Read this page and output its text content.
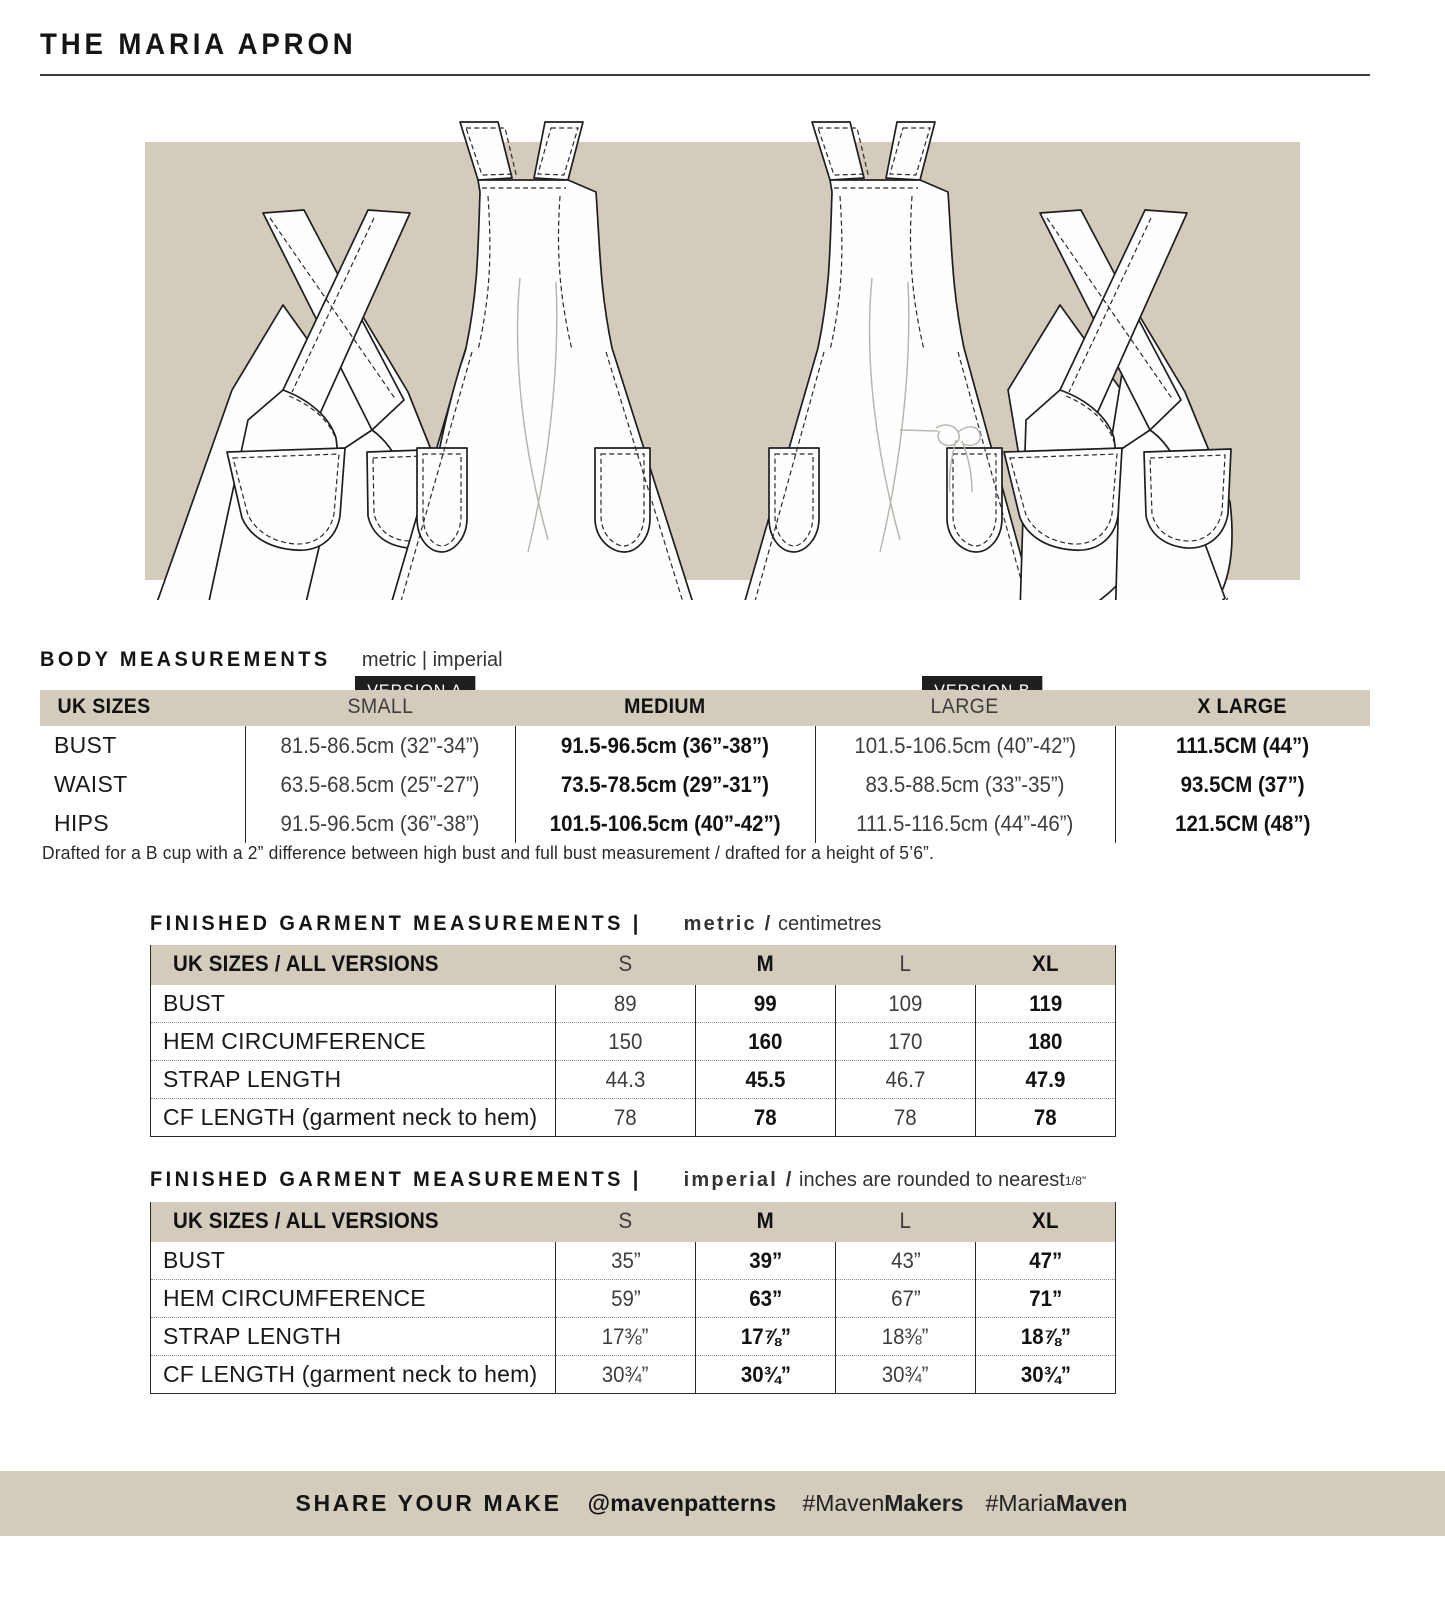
THE MARIA APRON
BODY MEASUREMENTS metric | imperial
UK SIZES	SMALL	MEDIUM	LARGE	X LARGE
BUST	81.5-86.5cm (32”-34”)	91.5-96.5cm (36”-38”)	101.5-106.5cm (40”-42”)	111.5CM (44”)
WAIST	63.5-68.5cm (25”-27”)	73.5-78.5cm (29”-31”)	83.5-88.5cm (33”-35”)	93.5CM (37”)
HIPS	91.5-96.5cm (36”-38”)	101.5-106.5cm (40”-42”)	111.5-116.5cm (44”-46”)	121.5CM (48”)
Drafted for a B cup with a 2” difference between high bust and full bust measurement / drafted for a height of 5’6”.
FINISHED GARMENT MEASUREMENTS | metric / centimetres
UK SIZES / ALL VERSIONS	S	M	L	XL
BUST	89	99	109	119
HEM CIRCUMFERENCE	150	160	170	180
STRAP LENGTH	44.3	45.5	46.7	47.9
CF LENGTH (garment neck to hem)	78	78	78	78
FINISHED GARMENT MEASUREMENTS | imperial / inches are rounded to nearest1/8”
UK SIZES / ALL VERSIONS	S	M	L	XL
BUST	35”	39”	43”	47”
HEM CIRCUMFERENCE	59”	63”	67”	71”
STRAP LENGTH	17⅜”	17⅞”	18⅜”	18⅞”
CF LENGTH (garment neck to hem)	30¾”	30¾”	30¾”	30¾”
SHARE YOUR MAKE @mavenpatterns #MavenMakers #MariaMaven
